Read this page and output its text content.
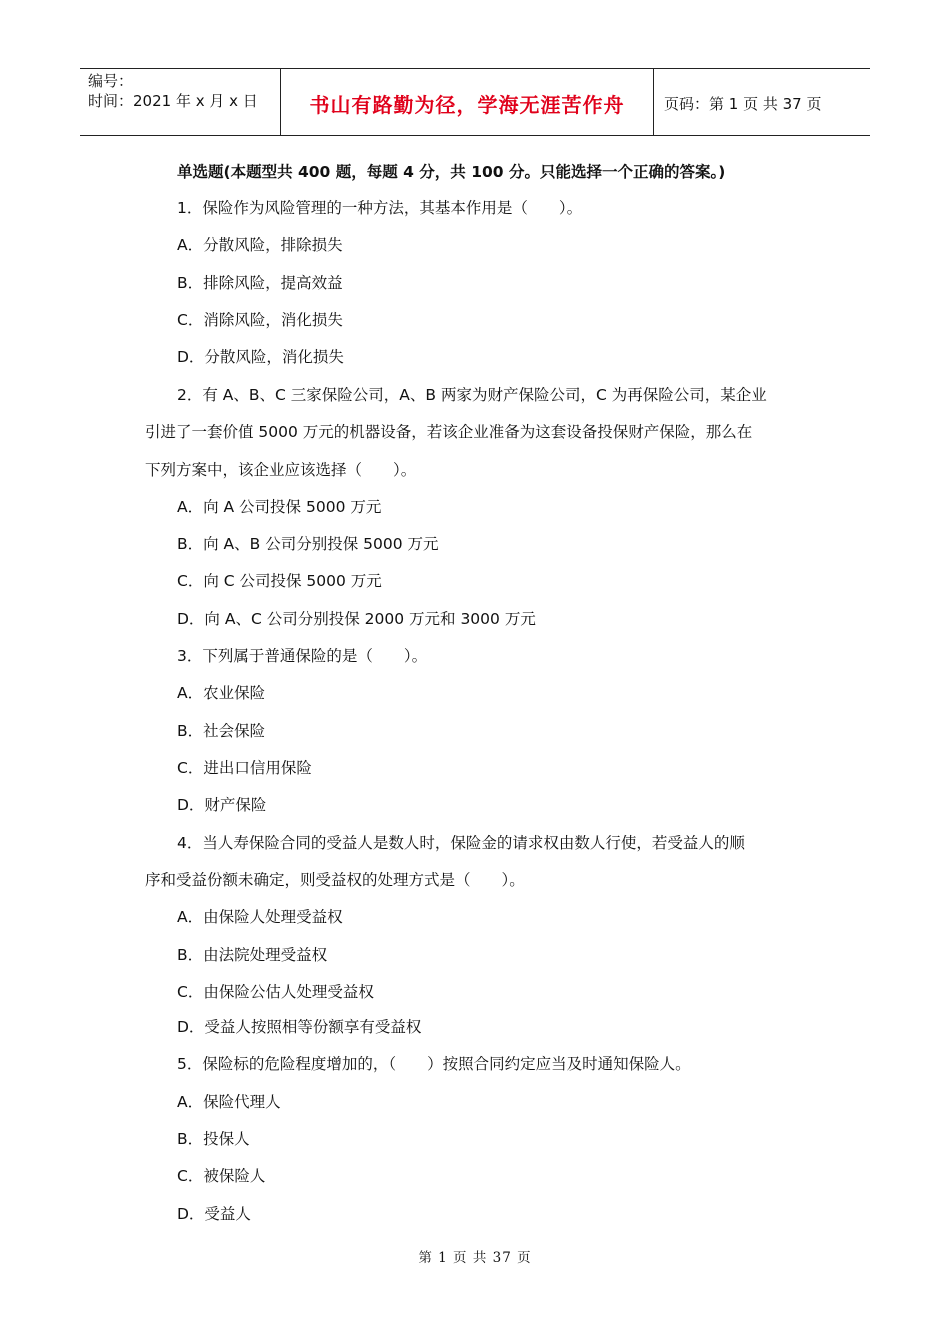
编号：
时间：2021 年 x 月 x 日	书山有路勤为径，学海无涯苦作舟	页码：第 1 页 共 37 页
单选题(本题型共 400 题，每题 4 分，共 100 分。只能选择一个正确的答案。)
1．保险作为风险管理的一种方法，其基本作用是（　　）。
A．分散风险，排除损失
B．排除风险，提高效益
C．消除风险，消化损失
D．分散风险，消化损失
2．有 A、B、C 三家保险公司，A、B 两家为财产保险公司，C 为再保险公司，某企业
引进了一套价值 5000 万元的机器设备，若该企业准备为这套设备投保财产保险，那么在
下列方案中，该企业应该选择（　　）。
A．向 A 公司投保 5000 万元
B．向 A、B 公司分别投保 5000 万元
C．向 C 公司投保 5000 万元
D．向 A、C 公司分别投保 2000 万元和 3000 万元
3．下列属于普通保险的是（　　）。
A．农业保险
B．社会保险
C．进出口信用保险
D．财产保险
4．当人寿保险合同的受益人是数人时，保险金的请求权由数人行使，若受益人的顺
序和受益份额未确定，则受益权的处理方式是（　　）。
A．由保险人处理受益权
B．由法院处理受益权
C．由保险公估人处理受益权
D．受益人按照相等份额享有受益权
5．保险标的危险程度增加的，（　　）按照合同约定应当及时通知保险人。
A．保险代理人
B．投保人
C．被保险人
D．受益人
第 1 页 共 37 页
